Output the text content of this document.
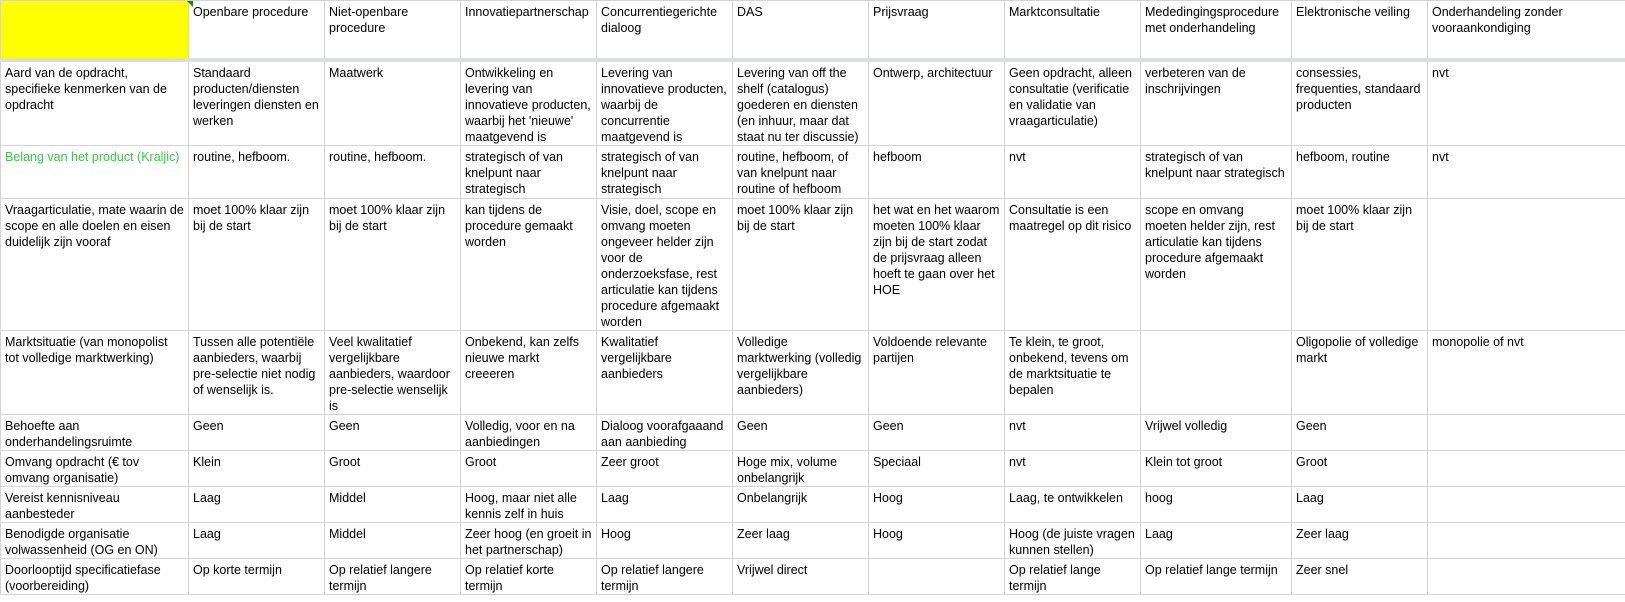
	Openbare procedure	Niet-openbare procedure	Innovatiepartnerschap	Concurrentiegerichte dialoog	DAS	Prijsvraag	Marktconsultatie	Mededingingsprocedure met onderhandeling	Elektronische veiling	Onderhandeling zonder vooraankondiging
Aard van de opdracht, specifieke kenmerken van de opdracht	Standaard producten/diensten leveringen diensten en werken	Maatwerk	Ontwikkeling en levering van innovatieve producten, waarbij het 'nieuwe' maatgevend is	Levering van innovatieve producten, waarbij de concurrentie maatgevend is	Levering van off the shelf (catalogus) goederen en diensten (en inhuur, maar dat staat nu ter discussie)	Ontwerp, architectuur	Geen opdracht, alleen consultatie (verificatie en validatie van vraagarticulatie)	verbeteren van de inschrijvingen	consessies, frequenties, standaard producten	nvt
Belang van het product (Kraljic)	routine, hefboom.	routine, hefboom.	strategisch of van knelpunt naar strategisch	strategisch of van knelpunt naar strategisch	routine, hefboom, of van knelpunt naar routine of hefboom	hefboom	nvt	strategisch of van knelpunt naar strategisch	hefboom, routine	nvt
Vraagarticulatie, mate waarin de scope en alle doelen en eisen duidelijk zijn vooraf	moet 100% klaar zijn bij de start	moet 100% klaar zijn bij de start	kan tijdens de procedure gemaakt worden	Visie, doel, scope en omvang moeten ongeveer helder zijn voor de onderzoeksfase, rest articulatie kan tijdens procedure afgemaakt worden	moet 100% klaar zijn bij de start	het wat en het waarom moeten 100% klaar zijn bij de start zodat de prijsvraag alleen hoeft te gaan over het HOE	Consultatie is een maatregel op dit risico	scope en omvang moeten helder zijn, rest articulatie kan tijdens procedure afgemaakt worden	moet 100% klaar zijn bij de start	
Marktsituatie (van monopolist tot volledige marktwerking)	Tussen alle potentiële aanbieders, waarbij pre-selectie niet nodig of wenselijk is.	Veel kwalitatief vergelijkbare aanbieders, waardoor pre-selectie wenselijk is	Onbekend, kan zelfs nieuwe markt creeeren	Kwalitatief vergelijkbare aanbieders	Volledige marktwerking (volledig vergelijkbare aanbieders)	Voldoende relevante partijen	Te klein, te groot, onbekend, tevens om de marktsituatie te bepalen		Oligopolie of volledige markt	monopolie of nvt
Behoefte aan onderhandelingsruimte	Geen	Geen	Volledig, voor en na aanbiedingen	Dialoog voorafgaaand aan aanbieding	Geen	Geen	nvt	Vrijwel volledig	Geen	
Omvang opdracht (€ tov omvang organisatie)	Klein	Groot	Groot	Zeer groot	Hoge mix, volume onbelangrijk	Speciaal	nvt	Klein tot groot	Groot	
Vereist kennisniveau aanbesteder	Laag	Middel	Hoog, maar niet alle kennis zelf in huis	Laag	Onbelangrijk	Hoog	Laag, te ontwikkelen	hoog	Laag	
Benodigde organisatie volwassenheid (OG en ON)	Laag	Middel	Zeer hoog (en groeit in het partnerschap)	Hoog	Zeer laag	Hoog	Hoog (de juiste vragen kunnen stellen)	Laag	Zeer laag	
Doorlooptijd specificatiefase (voorbereiding)	Op korte termijn	Op relatief langere termijn	Op relatief korte termijn	Op relatief langere termijn	Vrijwel direct		Op relatief lange termijn	Op relatief lange termijn	Zeer snel	
